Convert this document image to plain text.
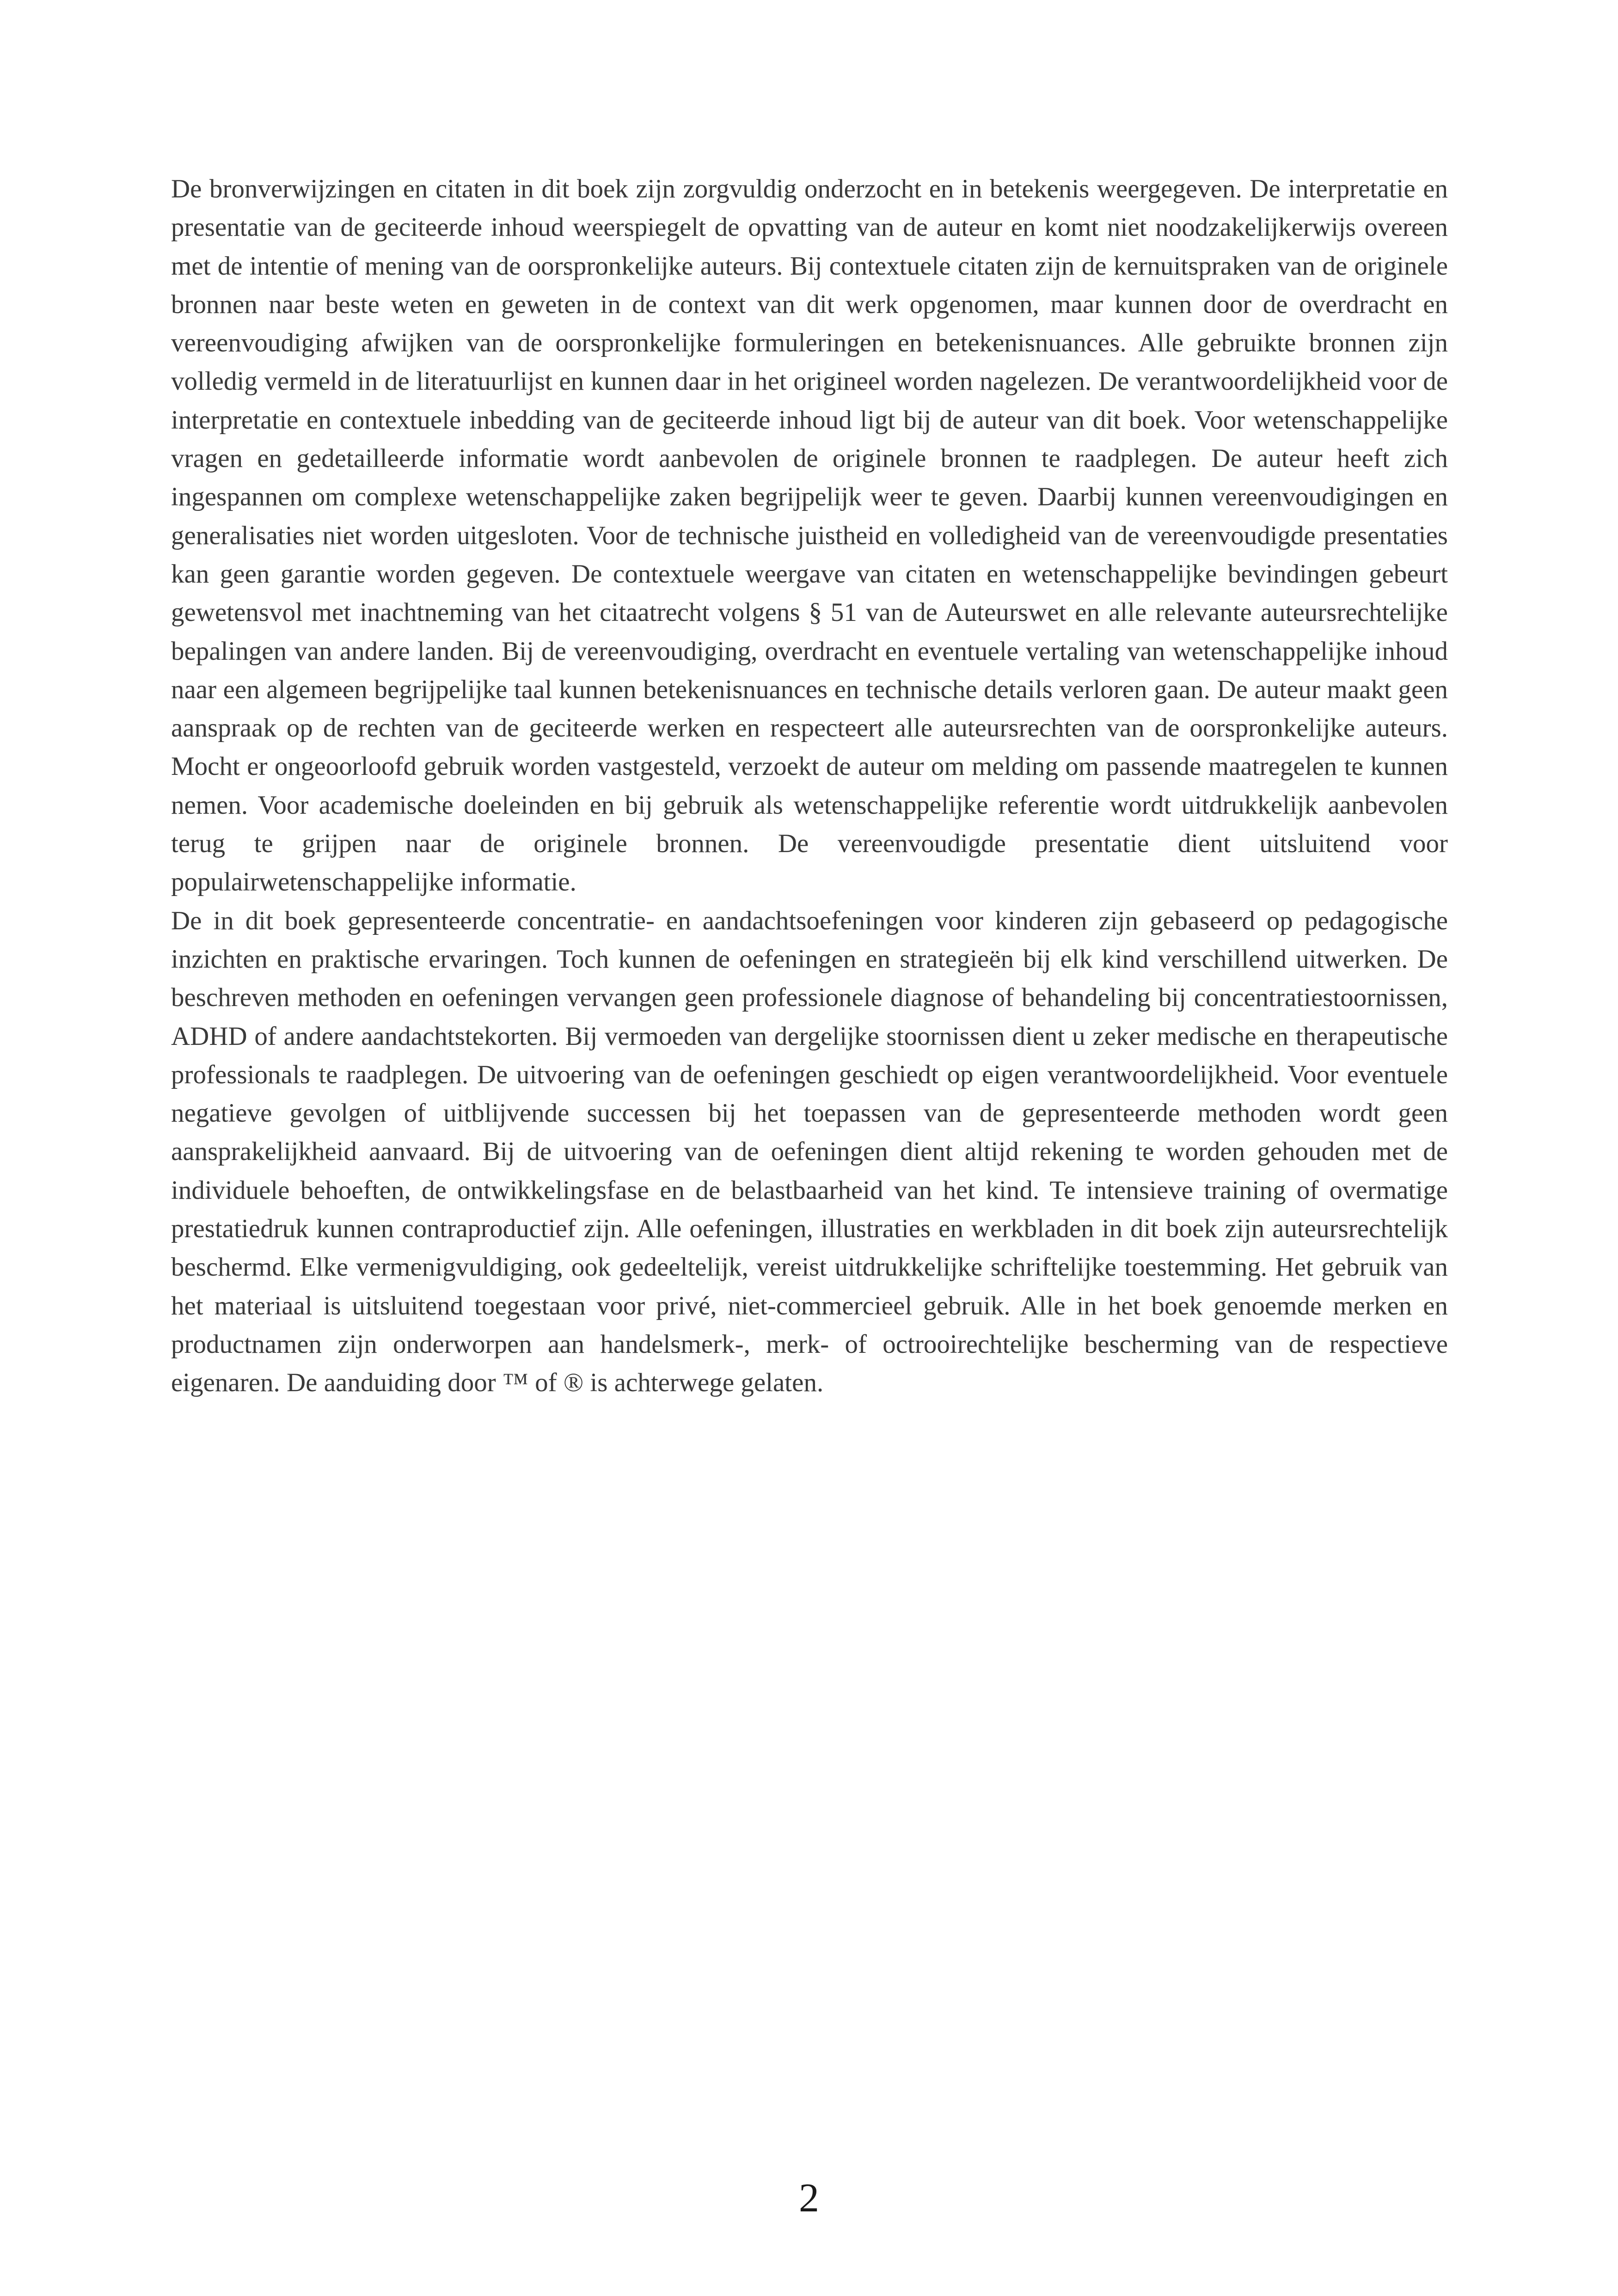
De bronverwijzingen en citaten in dit boek zijn zorgvuldig onderzocht en in betekenis weergegeven. De interpretatie en presentatie van de geciteerde inhoud weerspiegelt de opvatting van de auteur en komt niet noodzakelijkerwijs overeen met de intentie of mening van de oorspronkelijke auteurs. Bij contextuele citaten zijn de kernuitspraken van de originele bronnen naar beste weten en geweten in de context van dit werk opgenomen, maar kunnen door de overdracht en vereenvoudiging afwijken van de oorspronkelijke formuleringen en betekenisnuances. Alle gebruikte bronnen zijn volledig vermeld in de literatuurlijst en kunnen daar in het origineel worden nagelezen. De verantwoordelijkheid voor de interpretatie en contextuele inbedding van de geciteerde inhoud ligt bij de auteur van dit boek. Voor wetenschappelijke vragen en gedetailleerde informatie wordt aanbevolen de originele bronnen te raadplegen. De auteur heeft zich ingespannen om complexe wetenschappelijke zaken begrijpelijk weer te geven. Daarbij kunnen vereenvoudigingen en generalisaties niet worden uitgesloten. Voor de technische juistheid en volledigheid van de vereenvoudigde presentaties kan geen garantie worden gegeven. De contextuele weergave van citaten en wetenschappelijke bevindingen gebeurt gewetensvol met inachtneming van het citaatrecht volgens § 51 van de Auteurswet en alle relevante auteursrechtelijke bepalingen van andere landen. Bij de vereenvoudiging, overdracht en eventuele vertaling van wetenschappelijke inhoud naar een algemeen begrijpelijke taal kunnen betekenisnuances en technische details verloren gaan. De auteur maakt geen aanspraak op de rechten van de geciteerde werken en respecteert alle auteursrechten van de oorspronkelijke auteurs. Mocht er ongeoorloofd gebruik worden vastgesteld, verzoekt de auteur om melding om passende maatregelen te kunnen nemen. Voor academische doeleinden en bij gebruik als wetenschappelijke referentie wordt uitdrukkelijk aanbevolen terug te grijpen naar de originele bronnen. De vereenvoudigde presentatie dient uitsluitend voor populairwetenschappelijke informatie.

De in dit boek gepresenteerde concentratie- en aandachtsoefeningen voor kinderen zijn gebaseerd op pedagogische inzichten en praktische ervaringen. Toch kunnen de oefeningen en strategieën bij elk kind verschillend uitwerken. De beschreven methoden en oefeningen vervangen geen professionele diagnose of behandeling bij concentratiestoornissen, ADHD of andere aandachtstekorten. Bij vermoeden van dergelijke stoornissen dient u zeker medische en therapeutische professionals te raadplegen. De uitvoering van de oefeningen geschiedt op eigen verantwoordelijkheid. Voor eventuele negatieve gevolgen of uitblijvende successen bij het toepassen van de gepresenteerde methoden wordt geen aansprakelijkheid aanvaard. Bij de uitvoering van de oefeningen dient altijd rekening te worden gehouden met de individuele behoeften, de ontwikkelingsfase en de belastbaarheid van het kind. Te intensieve training of overmatige prestatiedruk kunnen contraproductief zijn. Alle oefeningen, illustraties en werkbladen in dit boek zijn auteursrechtelijk beschermd. Elke vermenigvuldiging, ook gedeeltelijk, vereist uitdrukkelijke schriftelijke toestemming. Het gebruik van het materiaal is uitsluitend toegestaan voor privé, niet-commercieel gebruik. Alle in het boek genoemde merken en productnamen zijn onderworpen aan handelsmerk-, merk- of octrooirechtelijke bescherming van de respectieve eigenaren. De aanduiding door ™ of ® is achterwege gelaten.

2
